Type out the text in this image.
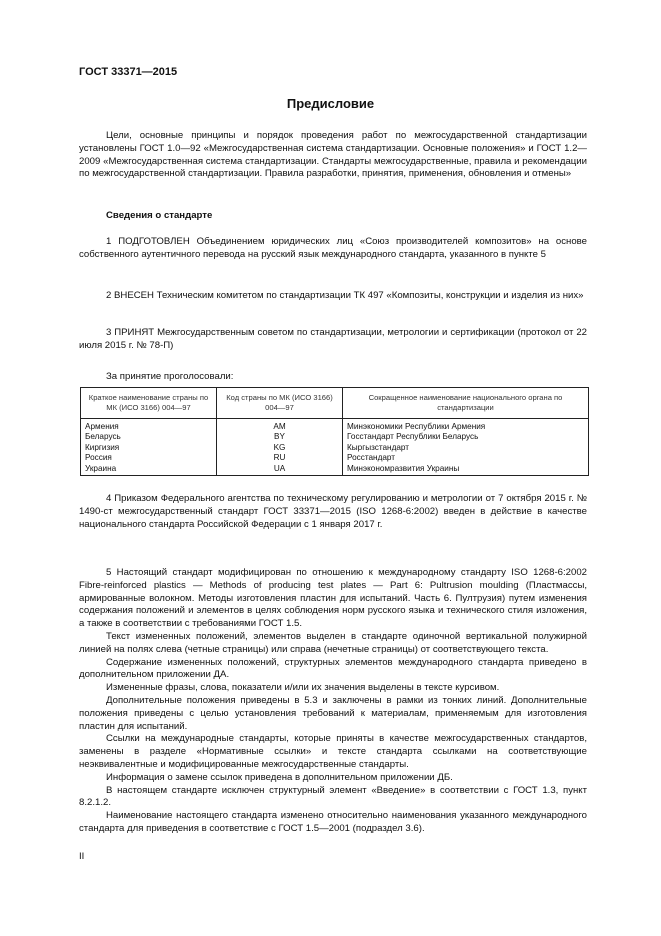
ГОСТ 33371—2015
Предисловие

Цели, основные принципы и порядок проведения работ по межгосударственной стандартизации установлены ГОСТ 1.0—92 «Межгосударственная система стандартизации. Основные положения» и ГОСТ 1.2—2009 «Межгосударственная система стандартизации. Стандарты межгосударственные, правила и рекомендации по межгосударственной стандартизации. Правила разработки, принятия, применения, обновления и отмены»

Сведения о стандарте

1 ПОДГОТОВЛЕН Объединением юридических лиц «Союз производителей композитов» на основе собственного аутентичного перевода на русский язык международного стандарта, указанного в пункте 5

2 ВНЕСЕН Техническим комитетом по стандартизации ТК 497 «Композиты, конструкции и изделия из них»

3 ПРИНЯТ Межгосударственным советом по стандартизации, метрологии и сертификации (протокол от 22 июля 2015 г. № 78-П)

За принятие проголосовали:

Краткое наименование страны по МК (ИСО 3166) 004—97	Код страны по МК (ИСО 3166) 004—97	Сокращенное наименование национального органа по стандартизации
Армения	AM	Минэкономики Республики Армения
Беларусь	BY	Госстандарт Республики Беларусь
Киргизия	KG	Кыргызстандарт
Россия	RU	Росстандарт
Украина	UA	Минэкономразвития Украины

4 Приказом Федерального агентства по техническому регулированию и метрологии от 7 октября 2015 г. № 1490-ст межгосударственный стандарт ГОСТ 33371—2015 (ISO 1268-6:2002) введен в действие в качестве национального стандарта Российской Федерации с 1 января 2017 г.

5 Настоящий стандарт модифицирован по отношению к международному стандарту ISO 1268-6:2002 Fibre-reinforced plastics — Methods of producing test plates — Part 6: Pultrusion moulding (Пластмассы, армированные волокном. Методы изготовления пластин для испытаний. Часть 6. Пултрузия) путем изменения содержания положений и элементов в целях соблюдения норм русского языка и технического стиля изложения, а также в соответствии с требованиями ГОСТ 1.5.

Текст измененных положений, элементов выделен в стандарте одиночной вертикальной полужирной линией на полях слева (четные страницы) или справа (нечетные страницы) от соответствующего текста.

Содержание измененных положений, структурных элементов международного стандарта приведено в дополнительном приложении ДА.

Измененные фразы, слова, показатели и/или их значения выделены в тексте курсивом.

Дополнительные положения приведены в 5.3 и заключены в рамки из тонких линий. Дополнительные положения приведены с целью установления требований к материалам, применяемым для изготовления пластин для испытаний.

Ссылки на международные стандарты, которые приняты в качестве межгосударственных стандартов, заменены в разделе «Нормативные ссылки» и тексте стандарта ссылками на соответствующие неэквивалентные и модифицированные межгосударственные стандарты.

Информация о замене ссылок приведена в дополнительном приложении ДБ.

В настоящем стандарте исключен структурный элемент «Введение» в соответствии с ГОСТ 1.3, пункт 8.2.1.2.

Наименование настоящего стандарта изменено относительно наименования указанного международного стандарта для приведения в соответствие с ГОСТ 1.5—2001 (подраздел 3.6).

II
